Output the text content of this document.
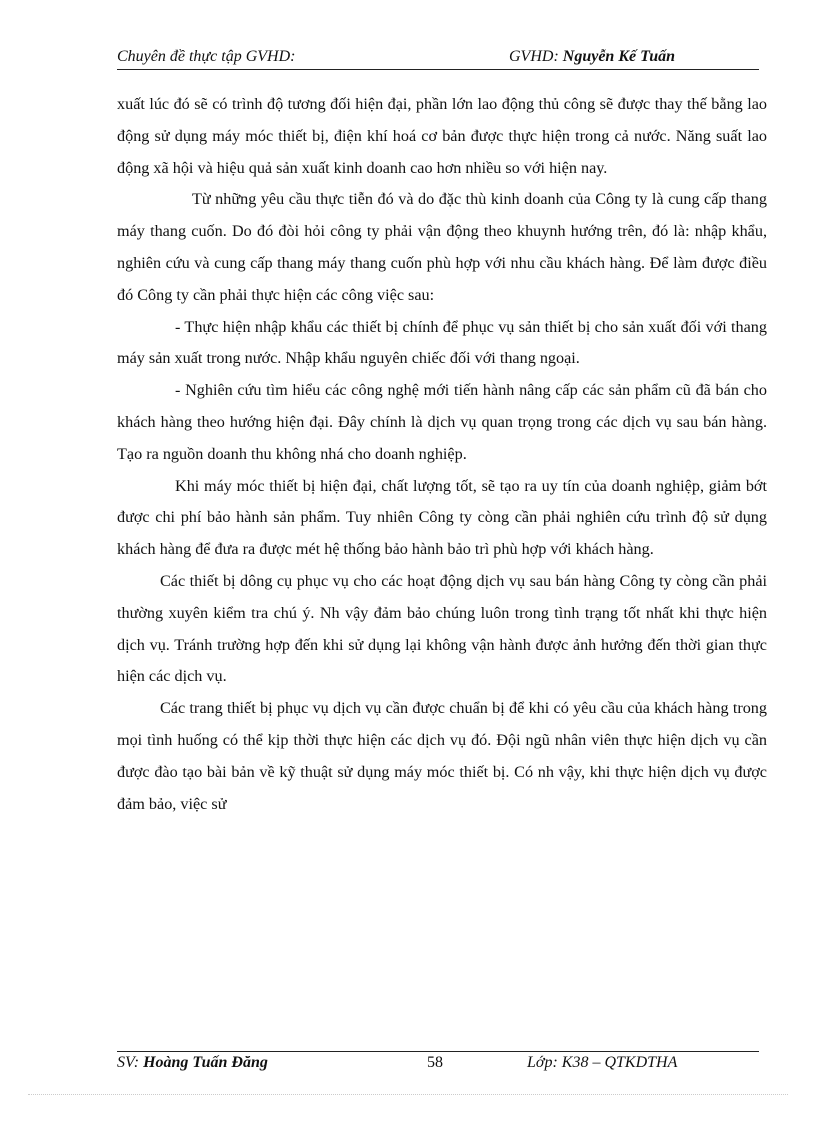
Chuyên đề thực tập GVHD:	GVHD: Nguyễn Kế Tuấn

xuất lúc đó sẽ có trình độ tương đối hiện đại, phần lớn lao động thủ công sẽ được thay thế bằng lao động sử dụng máy móc thiết bị, điện khí hoá cơ bản được thực hiện trong cả nước. Năng suất lao động xã hội và hiệu quả sản xuất kinh doanh cao hơn nhiều so với hiện nay.

Từ những yêu cầu thực tiễn đó và do đặc thù kinh doanh của Công ty là cung cấp thang máy thang cuốn. Do đó đòi hỏi công ty phải vận động theo khuynh hướng trên, đó là: nhập khẩu, nghiên cứu và cung cấp thang máy thang cuốn phù hợp với nhu cầu khách hàng. Để làm được điều đó Công ty cần phải thực hiện các công việc sau:

- Thực hiện nhập khẩu các thiết bị chính để phục vụ sản thiết bị cho sản xuất đối với thang máy sản xuất trong nước. Nhập khẩu nguyên chiếc đối với thang ngoại.

- Nghiên cứu tìm hiểu các công nghệ mới tiến hành nâng cấp các sản phẩm cũ đã bán cho khách hàng theo hướng hiện đại. Đây chính là dịch vụ quan trọng trong các dịch vụ sau bán hàng. Tạo ra nguồn doanh thu không nhá cho doanh nghiệp.

Khi máy móc thiết bị hiện đại, chất lượng tốt, sẽ tạo ra uy tín của doanh nghiệp, giảm bớt được chi phí bảo hành sản phẩm. Tuy nhiên Công ty còng cần phải nghiên cứu trình độ sử dụng khách hàng để đưa ra được mét hệ thống bảo hành bảo trì phù hợp với khách hàng.

Các thiết bị dông cụ phục vụ cho các hoạt động dịch vụ sau bán hàng Công ty còng cần phải thường xuyên kiểm tra chú ý. Nh vậy đảm bảo chúng luôn trong tình trạng tốt nhất khi thực hiện dịch vụ. Tránh trường hợp đến khi sử dụng lại không vận hành được ảnh hưởng đến thời gian thực hiện các dịch vụ.

Các trang thiết bị phục vụ dịch vụ cần được chuẩn bị để khi có yêu cầu của khách hàng trong mọi tình huống có thể kịp thời thực hiện các dịch vụ đó. Đội ngũ nhân viên thực hiện dịch vụ cần được đào tạo bài bản về kỹ thuật sử dụng máy móc thiết bị. Có nh vậy, khi thực hiện dịch vụ được đảm bảo, việc sử

SV: Hoàng Tuấn Đăng	58	Lớp: K38 – QTKDTHA
